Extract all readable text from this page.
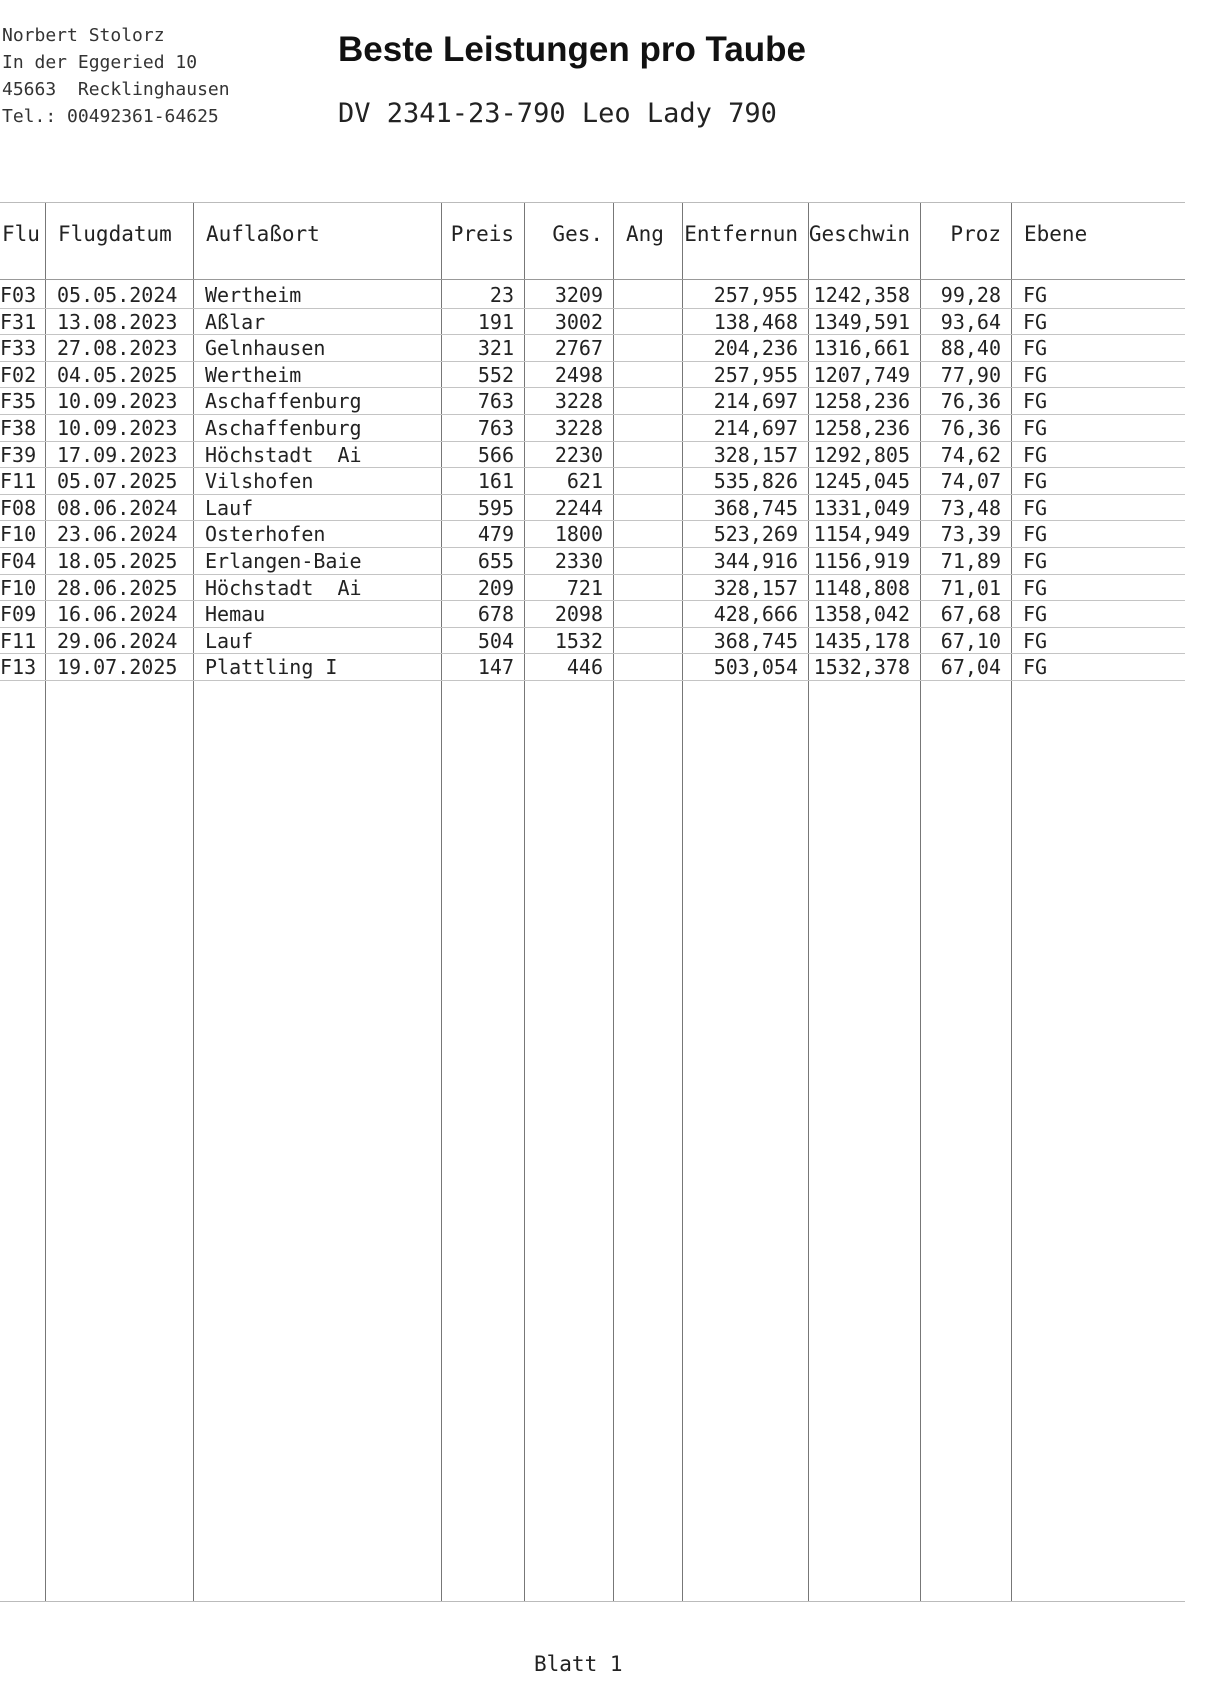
Norbert Stolorz
In der Eggeried 10
45663  Recklinghausen
Tel.: 00492361-64625
Beste Leistungen pro Taube
DV 2341-23-790 Leo Lady 790
Flu Flugdatum Auflaßort	Preis	Ges. Ang Entfernun Geschwin	Proz Ebene
F03 05.05.2024 Wertheim	23	3209	257,955 1242,358	99,28 FG
F31 13.08.2023 Aßlar	191	3002	138,468 1349,591	93,64 FG
F33 27.08.2023 Gelnhausen	321	2767	204,236 1316,661	88,40 FG
F02 04.05.2025 Wertheim	552	2498	257,955 1207,749	77,90 FG
F35 10.09.2023 Aschaffenburg	763	3228	214,697 1258,236	76,36 FG
F38 10.09.2023 Aschaffenburg	763	3228	214,697 1258,236	76,36 FG
F39 17.09.2023 Höchstadt  Ai	566	2230	328,157 1292,805	74,62 FG
F11 05.07.2025 Vilshofen	161	621	535,826 1245,045	74,07 FG
F08 08.06.2024 Lauf	595	2244	368,745 1331,049	73,48 FG
F10 23.06.2024 Osterhofen	479	1800	523,269 1154,949	73,39 FG
F04 18.05.2025 Erlangen-Baie	655	2330	344,916 1156,919	71,89 FG
F10 28.06.2025 Höchstadt  Ai	209	721	328,157 1148,808	71,01 FG
F09 16.06.2024 Hemau	678	2098	428,666 1358,042	67,68 FG
F11 29.06.2024 Lauf	504	1532	368,745 1435,178	67,10 FG
F13 19.07.2025 Plattling I	147	446	503,054 1532,378	67,04 FG
Blatt 1
